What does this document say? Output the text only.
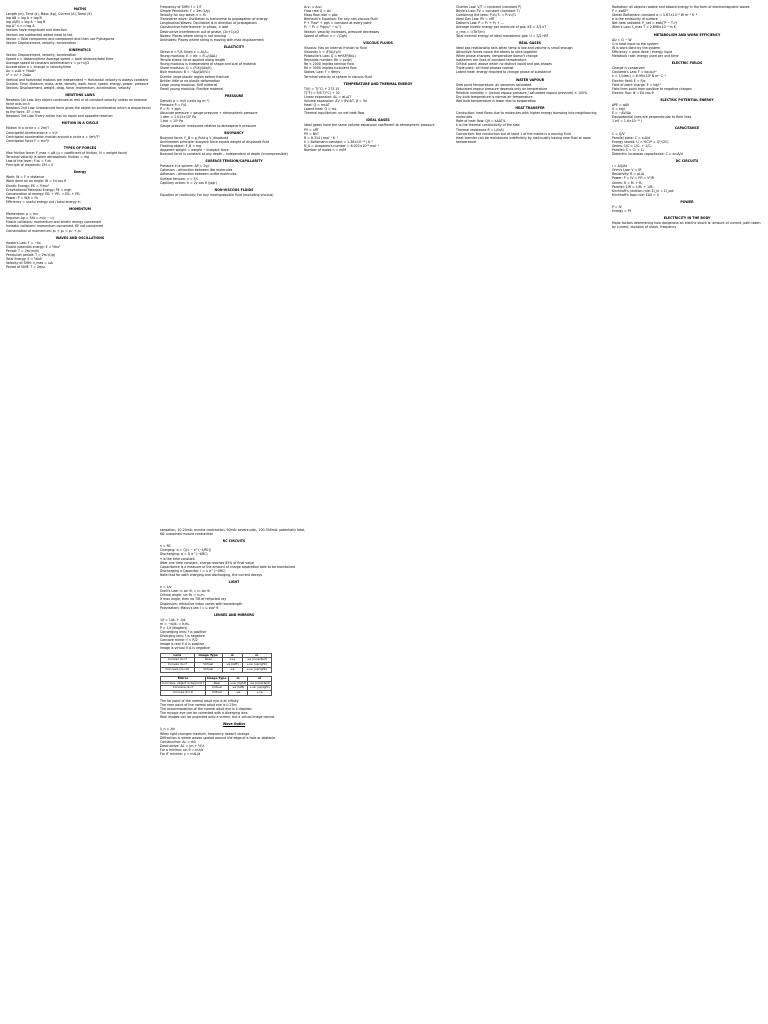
MATHS
Length (m), Time (s), Mass (kg), Current (A), Temp (K)
log AB = log A + log B
log (A/B) = log A − log B
log A^n = n log A
Vectors have magnitude and direction
Vectors are subtracted added head to tail
Vector = Total component and component and then use Pythagoras
Vector: Displacement, velocity, acceleration
KINEMATICS
Vector: Displacement, velocity, acceleration
Speed v = distance/time Average speed = total distance/total time
Average speed at constant acceleration v = (u+v)/2
Acceleration a = change in velocity/time
Δx = v₀Δt + ½aΔt²
v² = v₀² + 2aΔx
Vertical and horizontal motions are independent → Horizontal velocity is always constant
Scalars: Time, distance, mass, area, density, work, force, speed, energy, power, pressure
Vectors: Displacement, weight, drag, force, momentum, acceleration, velocity
NEWTONS LAWS
Newtons 1st Law: Any object continues at rest or at constant velocity unless an external force acts on it
Newtons 2nd Law: Unbalanced force gives the object an acceleration which is proportional to the force, ΣF = ma
Newtons 3rd Law: Every action has an equal and opposite reaction
MOTION IN A CIRCLE
Motion in a circle v = 2πr/T
Centripetal Acceleration a = v²/r
Centripetal acceleration motion around a circle a = 4π²r/T²
Centripetal Force F = mv²/r
TYPES OF FORCES
Max friction force: F_max = μN (μ = coefficient of friction, N = weight force)
Terminal velocity is when atmospheric friction = mg
Law of the lever: F₁d₁ = F₂d₂
Principle of moments: ΣM = 0
Energy
Work: W = F × distance
Work done on an angle: W = Fd cos θ
Kinetic Energy: EK = ½mv²
Gravitational Potential Energy: PE = mgh
Conservation of energy: EK₁ + PE₁ = EK₂ + PE₂
Power: P = W/t = Fv
Efficiency = useful energy out / total energy in
MOMENTUM
Momentum: p = mv
Impulse: Δp = FΔt = m(v − u)
Elastic collisions: momentum and kinetic energy conserved
Inelastic collisions: momentum conserved, KE not conserved
Conservation of momentum: p₁ + p₂ = p₁' + p₂'
WAVES AND OSCILLATIONS
Hooke's Law: F = −kx
Elastic potential energy: E = ½kx²
Period: T = 2π√(m/k)
Pendulum period: T = 2π√(L/g)
Total Energy: E = ½kA²
Velocity of SHM: v_max = ωA
Period of SHM: T = 2π/ω
Frequency of SHM: f = 1/T
Simple Pendulum: T = 2π√(L/g)
Velocity for any wave: v = fλ
Transverse wave: Oscillation is transverse to propagation of energy
Longitudinal Waves: Oscillation is in direction of propagation
Constructive Interference: In phase, ± add
Destructive Interference: out of phase, (2n+1)λ/2
Nodes: Places where string is not moving
Antinodes: Places where string is moving with max displacement
ELASTICITY
Stress σ = F/A Strain ε = ΔL/L₀
Young modulus: E = σ/ε = FL₀/(AΔL)
Tensile stress: force applied along length
Young modulus is independent of shape and size of material
Shear modulus: G = (F/A)/(Δx/h)
Bulk modulus: B = −Δp/(ΔV/V₀)
Ductile: large plastic region before fracture
Brittle: little or no plastic deformation
Large young modulus: Stiff material
Small young modulus: Flexible material
PRESSURE
Density ρ = m/V (units kg m⁻³)
Pressure P = F/A
P = P₀ + ρgh
Absolute pressure = gauge pressure + atmospheric pressure
1 atm = 1.013×10⁵ Pa
1 bar = 10⁵ Pa
Gauge pressure: measured relative to atmospheric pressure
BUOYANCY
Buoyant force: F_B = ρ_fluid g V_displaced
Archimedes principle: buoyant force equals weight of displaced fluid
Floating object: F_B = mg
Apparent weight = weight − buoyant force
Buoyant force is constant at any depth – independent of depth (incompressible)
SURFACE TENSION/CAPILLARITY
Pressure in a sphere: ΔP = 2γ/r
Cohesion – attraction between like molecules
Adhesion – attraction between unlike molecules
Surface tension: γ = F/L
Capillary action: h = 2γ cos θ /(ρgr)
NON-VISCOUS FLUIDS
Equation of continuity: For any incompressible fluid (excluding viscous)
A₁v₁ = A₂v₂
Flow rate Q = Av
Mass flow rate = ρAv
Bernoulli's Equation: For any non-viscous fluid
P + ½ρv² + ρgh = constant at every point
P₁ − P₂ = ½ρ(v₂² − v₁²)
Venturi: velocity increases, pressure decreases
Speed of efflux: v = √(2gh)
VISCOUS FLUIDS
Viscous: Has an internal friction to fluid
Viscosity η = (F/A)/(v/l)
Poiseuille's Law: Q = πr⁴ΔP/(8ηL)
Reynolds number: Re = ρvd/η
Re < 2000 implies laminar flow
Re > 3000 implies turbulent flow
Stokes' Law: F = 6πηrv
Terminal velocity of sphere in viscous fluid
TEMPERATURE AND THERMAL ENERGY
T(K) = T(°C) + 273.15
T(°F) = 9/5 T(°C) + 32
Linear expansion: ΔL = αL₀ΔT
Volume expansion: ΔV = βV₀ΔT, β = 3α
Heat: Q = mcΔT
Latent heat: Q = mL
Thermal equilibrium: no net heat flow
IDEAL GASES
Ideal gases have the same volume expansion coefficient at atmospheric pressure
PV = nRT
PV = NkT
R = 8.314 J mol⁻¹ K⁻¹
k = Boltzmann constant = 1.38×10⁻²³ J K⁻¹
N_A = Avogadro's number = 6.022×10²³ mol⁻¹
Number of moles n = m/M
Charles Law: V/T = constant (constant P)
Boyle's Law: PV = constant (constant T)
Combining the laws: P₁V₁/T₁ = P₂V₂/T₂
Ideal Gas Law: PV = nRT
Dalton's Law: P = P₁ + P₂ + ...
Average kinetic energy per molecule of gas: KE = 3/2 kT
v_rms = √(3kT/m)
Total internal energy of ideal monatomic gas: U = 3/2 nRT
REAL GASES
Ideal gas relationship fails when temp is low and volume is small enough
Attractive forces cause the atoms to stick together
When phase changes, temperature doesn't change
Isotherms are lines of constant temperature
Critical point: above which no distinct liquid and gas phases
Triple point: all three phases coexist
Latent heat: energy required to change phase of substance
WATER VAPOUR
Dew point temperature: air becomes saturated
Saturated vapour pressure depends only on temperature
Relative humidity = (actual vapour pressure / saturated vapour pressure) × 100%
Dry bulb temperature is normal air temperature
Wet bulb temperature is lower due to evaporation
HEAT TRANSFER
Conduction: heat flows due to molecules with higher energy bumping into neighbouring molecules
Rate of heat flow: Q/t = kAΔT/L
k is the thermal conductivity of the slab
Thermal resistance R = L/(kA)
Convection: the conduction but at least 1 of the media is a moving fluid
Heat transfer can be maintained indefinitely by continually having new fluid at room temperature
Radiation: all objects radiate and absorb energy in the form of electromagnetic waves
P = eσAT⁴
Stefan-Boltzmann constant σ = 5.67×10⁻⁸ W m⁻² K⁻⁴
e is the emissivity of surface
Net heat radiated: P_net = eσA(T⁴ − T₀⁴)
Wien's Law: λ_max T = 2.898×10⁻³ m K
METABOLISM AND WORK EFFICIENCY
ΔU = Q − W
Q is heat input to the system
W is work done by the system
Efficiency = work done / energy input
Metabolic rate: energy used per unit time
ELECTRIC FIELDS
Charge is conserved
Coulomb's Law: F = kq₁q₂/r²
k = 1/(4πε₀) = 8.99×10⁹ N m² C⁻²
Electric field: E = F/q
Field of point charge: E = kq/r²
Field lines point from positive to negative charges
Electric flux: Φ = EA cos θ
ELECTRIC POTENTIAL ENERGY
ΔPE = qΔV
V = kq/r
E = −ΔV/Δx
Equipotential lines are perpendicular to field lines
1 eV = 1.6×10⁻¹⁹ J
CAPACITANCE
C = Q/V
Parallel plate: C = ε₀A/d
Energy stored: U = ½CV² = Q²/(2C)
Series: 1/C = 1/C₁ + 1/C₂
Parallel: C = C₁ + C₂
Dielectric increases capacitance: C = κε₀A/d
DC CIRCUITS
I = ΔQ/Δt
Ohm's Law: V = IR
Resistivity: R = ρL/A
Power: P = IV = I²R = V²/R
Series: R = R₁ + R₂
Parallel: 1/R = 1/R₁ + 1/R₂
Kirchhoff's junction rule: ΣI_in = ΣI_out
Kirchhoff's loop rule: ΣΔV = 0
POWER
P = IV
Energy = Pt
ELECTRICITY IN THE BODY
Major factors determining how dangerous an electric shock is: amount of current, path taken by current, duration of shock, frequency
sensation, 10-20mA: muscle contraction, 50mA: severe pain, 100-300mA: potentially fatal, 6A: sustained muscle contraction
RC CIRCUITS
τ = RC
Charging: q = Q(1 − e^(−t/RC))
Discharging: q = Q e^(−t/RC)
τ is the time constant
After one time constant, charge reaches 63% of final value
Capacitance is a measure of the amount of charge separation able to be maintained
Discharging a Capacitor: I = I₀ e^(−t/RC)
Note that for both charging and discharging, the current decays
LIGHT
n = c/v
Snell's Law: n₁ sin θ₁ = n₂ sin θ₂
Critical angle: sin θc = n₂/n₁
If max angle, then no TIR of refracted ray
Dispersion: refractive index varies with wavelength
Polarisation: Malus's law I = I₀ cos² θ
LENSES AND MIRRORS
1/f = 1/d₀ + 1/dᵢ
m = −dᵢ/d₀ = hᵢ/h₀
P = 1/f (diopters)
Converging lens: f is positive
Diverging lens: f is negative
Concave mirror: f = R/2
Image is real if dᵢ is positive
Image is virtual if dᵢ is negative
Lens	Image Type	dᵢ	m
Convex d₀>f	Real	+ve	-ve (inverted)
Convex d₀<f	Virtual	-ve (left)	+ve (upright)
Concave (d₀>0)	Virtual	-ve	+ve (upright)
Mirror	Image Type	dᵢ	m
Concave, object is beyond f	Real	+ve (right)	-ve (inverted)
Concave d₀<f	Virtual	-ve (left)	+ve (upright)
Convex d₀>0	Virtual	-ve	+ve
The far point of the normal adult eye is at infinity
The near point of the normal adult eye is 0.25m
The accommodation of the normal adult eye is 4 dioptres
The myopic eye can be corrected with a diverging lens
Real images can be projected onto a screen, but a virtual image cannot
Wave Optics
λ_n = λ/n
When light changes medium, frequency doesn't change
Diffraction is where waves spread around the edge of a hole or obstacle
Constructive: ΔL = mλ
Destructive: ΔL = (m + ½)λ
For a minima: sin θ = mλ/a
For IF minima: y = mλL/d
